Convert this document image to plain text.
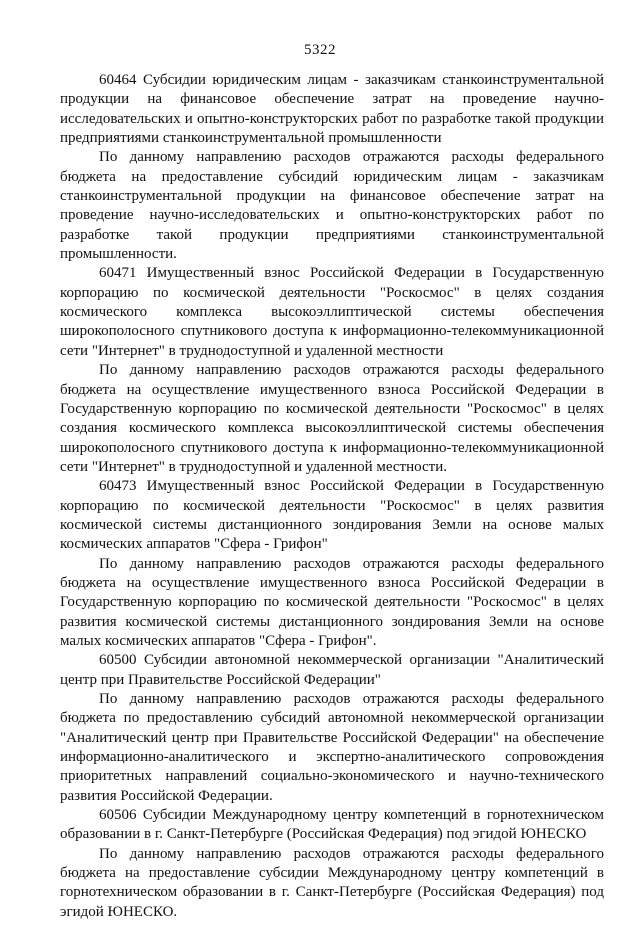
5322

60464 Субсидии юридическим лицам - заказчикам станкоинструментальной продукции на финансовое обеспечение затрат на проведение научно-исследовательских и опытно-конструкторских работ по разработке такой продукции предприятиями станкоинструментальной промышленности

По данному направлению расходов отражаются расходы федерального бюджета на предоставление субсидий юридическим лицам - заказчикам станкоинструментальной продукции на финансовое обеспечение затрат на проведение научно-исследовательских и опытно-конструкторских работ по разработке такой продукции предприятиями станкоинструментальной промышленности.

60471 Имущественный взнос Российской Федерации в Государственную корпорацию по космической деятельности "Роскосмос" в целях создания космического комплекса высокоэллиптической системы обеспечения широкополосного спутникового доступа к информационно-телекоммуникационной сети "Интернет" в труднодоступной и удаленной местности

По данному направлению расходов отражаются расходы федерального бюджета на осуществление имущественного взноса Российской Федерации в Государственную корпорацию по космической деятельности "Роскосмос" в целях создания космического комплекса высокоэллиптической системы обеспечения широкополосного спутникового доступа к информационно-телекоммуникационной сети "Интернет" в труднодоступной и удаленной местности.

60473 Имущественный взнос Российской Федерации в Государственную корпорацию по космической деятельности "Роскосмос" в целях развития космической системы дистанционного зондирования Земли на основе малых космических аппаратов "Сфера - Грифон"

По данному направлению расходов отражаются расходы федерального бюджета на осуществление имущественного взноса Российской Федерации в Государственную корпорацию по космической деятельности "Роскосмос" в целях развития космической системы дистанционного зондирования Земли на основе малых космических аппаратов "Сфера - Грифон".

60500 Субсидии автономной некоммерческой организации "Аналитический центр при Правительстве Российской Федерации"

По данному направлению расходов отражаются расходы федерального бюджета по предоставлению субсидий автономной некоммерческой организации "Аналитический центр при Правительстве Российской Федерации" на обеспечение информационно-аналитического и экспертно-аналитического сопровождения приоритетных направлений социально-экономического и научно-технического развития Российской Федерации.

60506 Субсидии Международному центру компетенций в горнотехническом образовании в г. Санкт-Петербурге (Российская Федерация) под эгидой ЮНЕСКО

По данному направлению расходов отражаются расходы федерального бюджета на предоставление субсидии Международному центру компетенций в горнотехническом образовании в г. Санкт-Петербурге (Российская Федерация) под эгидой ЮНЕСКО.
